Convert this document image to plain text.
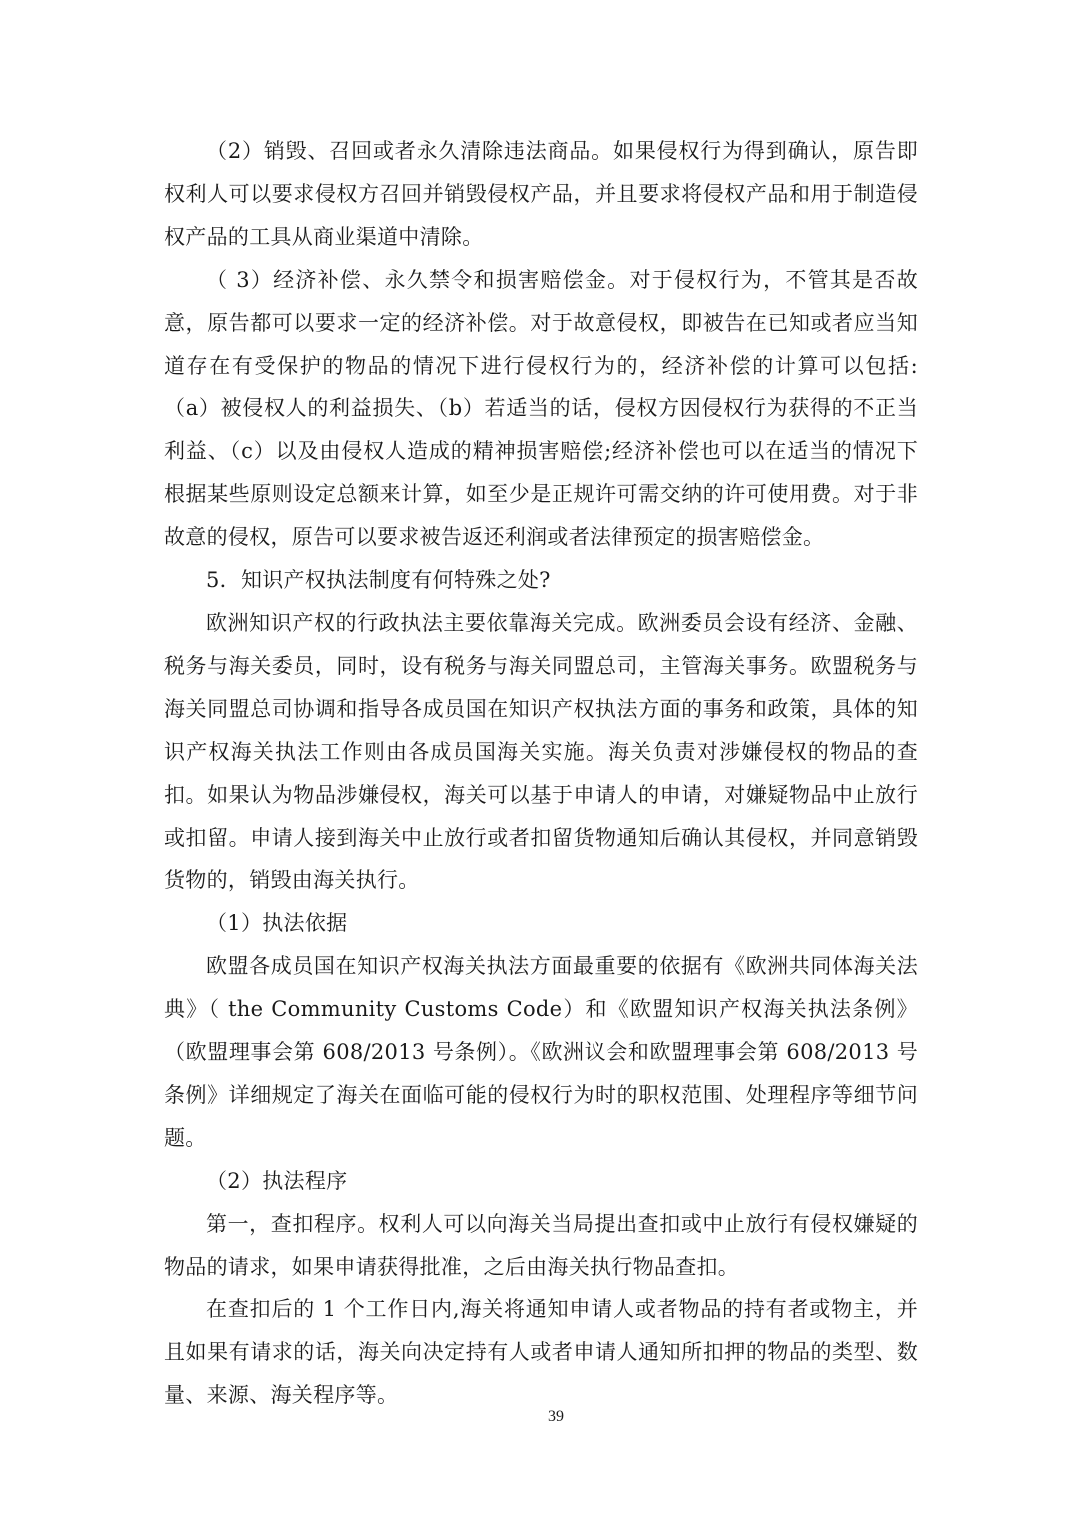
（2）销毁、召回或者永久清除违法商品。如果侵权行为得到确认，原告即权利人可以要求侵权方召回并销毁侵权产品，并且要求将侵权产品和用于制造侵权产品的工具从商业渠道中清除。

（ 3）经济补偿、永久禁令和损害赔偿金。对于侵权行为，不管其是否故意，原告都可以要求一定的经济补偿。对于故意侵权，即被告在已知或者应当知道存在有受保护的物品的情况下进行侵权行为的，经济补偿的计算可以包括:（a）被侵权人的利益损失、（b）若适当的话，侵权方因侵权行为获得的不正当利益、（c）以及由侵权人造成的精神损害赔偿;经济补偿也可以在适当的情况下根据某些原则设定总额来计算，如至少是正规许可需交纳的许可使用费。对于非故意的侵权，原告可以要求被告返还利润或者法律预定的损害赔偿金。

5．知识产权执法制度有何特殊之处?

欧洲知识产权的行政执法主要依靠海关完成。欧洲委员会设有经济、金融、税务与海关委员，同时，设有税务与海关同盟总司，主管海关事务。欧盟税务与海关同盟总司协调和指导各成员国在知识产权执法方面的事务和政策，具体的知识产权海关执法工作则由各成员国海关实施。海关负责对涉嫌侵权的物品的查扣。如果认为物品涉嫌侵权，海关可以基于申请人的申请，对嫌疑物品中止放行或扣留。申请人接到海关中止放行或者扣留货物通知后确认其侵权，并同意销毁货物的，销毁由海关执行。

（1）执法依据

欧盟各成员国在知识产权海关执法方面最重要的依据有《欧洲共同体海关法典》（ the Community Customs Code）和《欧盟知识产权海关执法条例》（欧盟理事会第 608/2013 号条例）。《欧洲议会和欧盟理事会第 608/2013 号条例》详细规定了海关在面临可能的侵权行为时的职权范围、处理程序等细节问题。

（2）执法程序

第一，查扣程序。权利人可以向海关当局提出查扣或中止放行有侵权嫌疑的物品的请求，如果申请获得批准，之后由海关执行物品查扣。

在查扣后的 1 个工作日内,海关将通知申请人或者物品的持有者或物主，并且如果有请求的话，海关向决定持有人或者申请人通知所扣押的物品的类型、数量、来源、海关程序等。

39
